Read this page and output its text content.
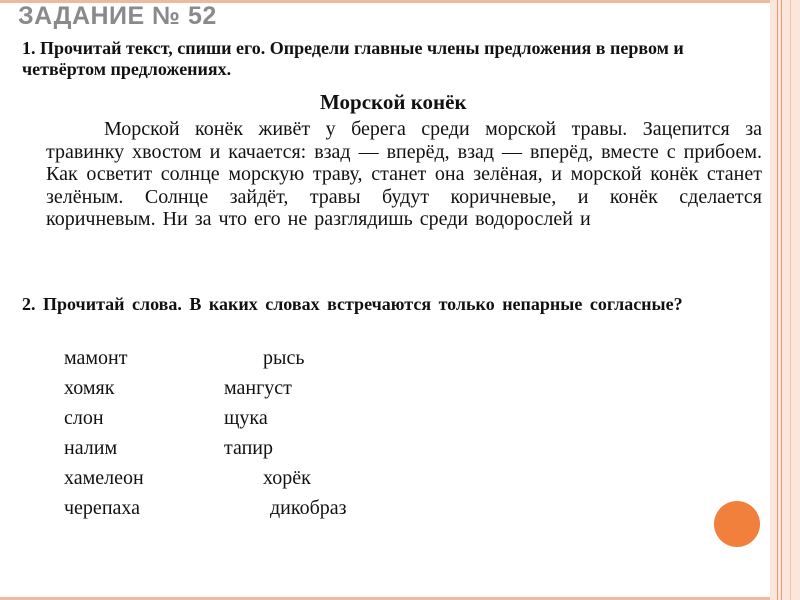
ЗАДАНИЕ № 52
1. Прочитай текст, спиши его. Определи главные члены предложения в первом и четвёртом предложениях.
Морской конёк
Морской конёк живёт у берега среди морской травы. Зацепится за травинку хвостом и качается: взад — вперёд, взад — вперёд, вместе с прибоем. Как осветит солнце морскую траву, станет она зелёная, и морской конёк станет зелёным. Солнце зайдёт, травы будут коричневые, и конёк сделается коричневым. Ни за что его не разглядишь среди водорослей и
2. Прочитай слова. В каких словах встречаются только непарные согласные?
мамонт
хомяк
слон
налим
хамелеон
черепаха
рысь
мангуст
щука
тапир
хорёк
дикобраз
